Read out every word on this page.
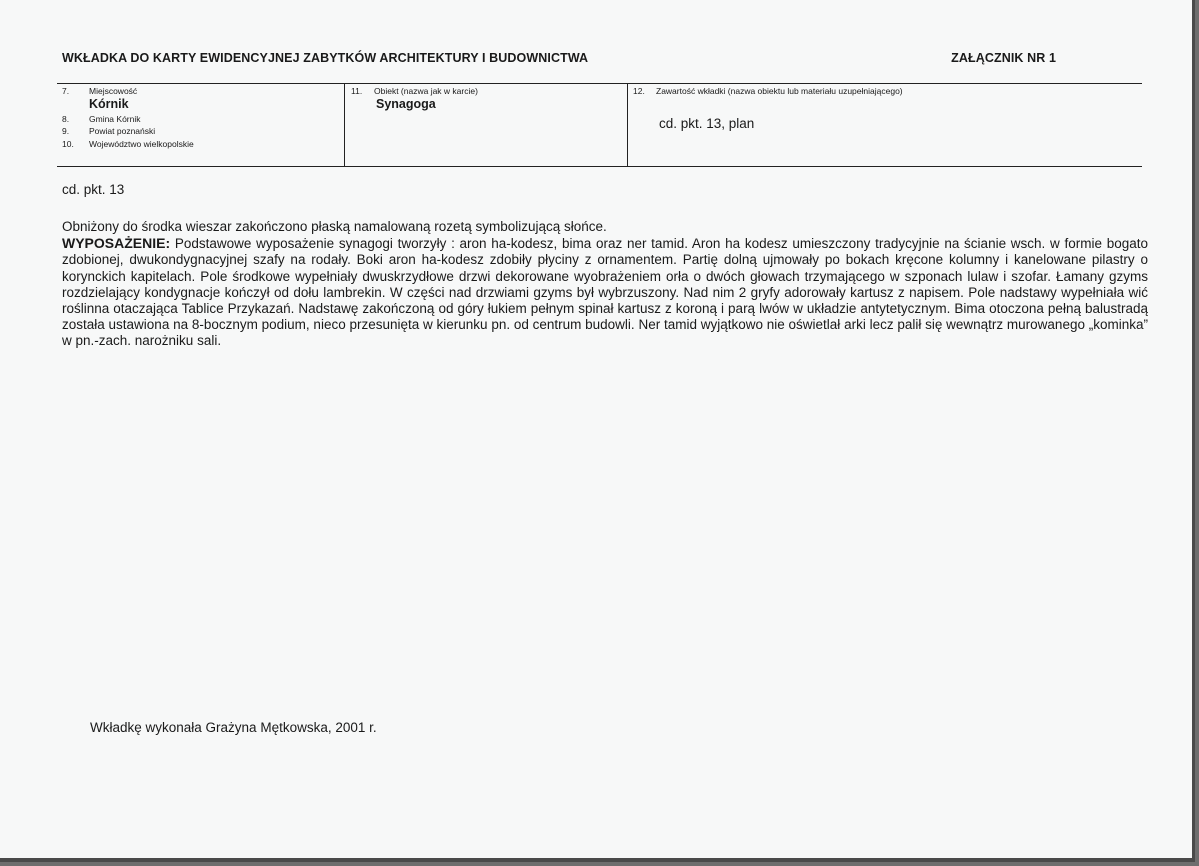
WKŁADKA DO KARTY EWIDENCYJNEJ ZABYTKÓW ARCHITEKTURY I BUDOWNICTWA	ZAŁĄCZNIK NR 1
7. Miejscowość
Kórnik
8. Gmina Kórnik
9. Powiat poznański
10. Województwo wielkopolskie
11. Obiekt (nazwa jak w karcie)
Synagoga
12. Zawartość wkładki (nazwa obiektu lub materiału uzupełniającego)
cd. pkt. 13, plan
cd. pkt. 13

Obniżony do środka wieszar zakończono płaską namalowaną rozetą symbolizującą słońce.

WYPOSAŻENIE: Podstawowe wyposażenie synagogi tworzyły : aron ha-kodesz, bima oraz ner tamid. Aron ha kodesz umieszczony tradycyjnie na ścianie wsch. w formie bogato zdobionej, dwukondygnacyjnej szafy na rodały. Boki aron ha-kodesz zdobiły płyciny z ornamentem. Partię dolną ujmowały po bokach kręcone kolumny i kanelowane pilastry o korynckich kapitelach. Pole środkowe wypełniały dwuskrzydłowe drzwi dekorowane wyobrażeniem orła o dwóch głowach trzymającego w szponach lulaw i szofar. Łamany gzyms rozdzielający kondygnacje kończył od dołu lambrekin. W części nad drzwiami gzyms był wybrzuszony. Nad nim 2 gryfy adorowały kartusz z napisem. Pole nadstawy wypełniała wić roślinna otaczająca Tablice Przykazań. Nadstawę zakończoną od góry łukiem pełnym spinał kartusz z koroną i parą lwów w układzie antytetycznym. Bima otoczona pełną balustradą została ustawiona na 8-bocznym podium, nieco przesunięta w kierunku pn. od centrum budowli. Ner tamid wyjątkowo nie oświetlał arki lecz palił się wewnątrz murowanego „kominka” w pn.-zach. narożniku sali.

Wkładkę wykonała Grażyna Mętkowska, 2001 r.
